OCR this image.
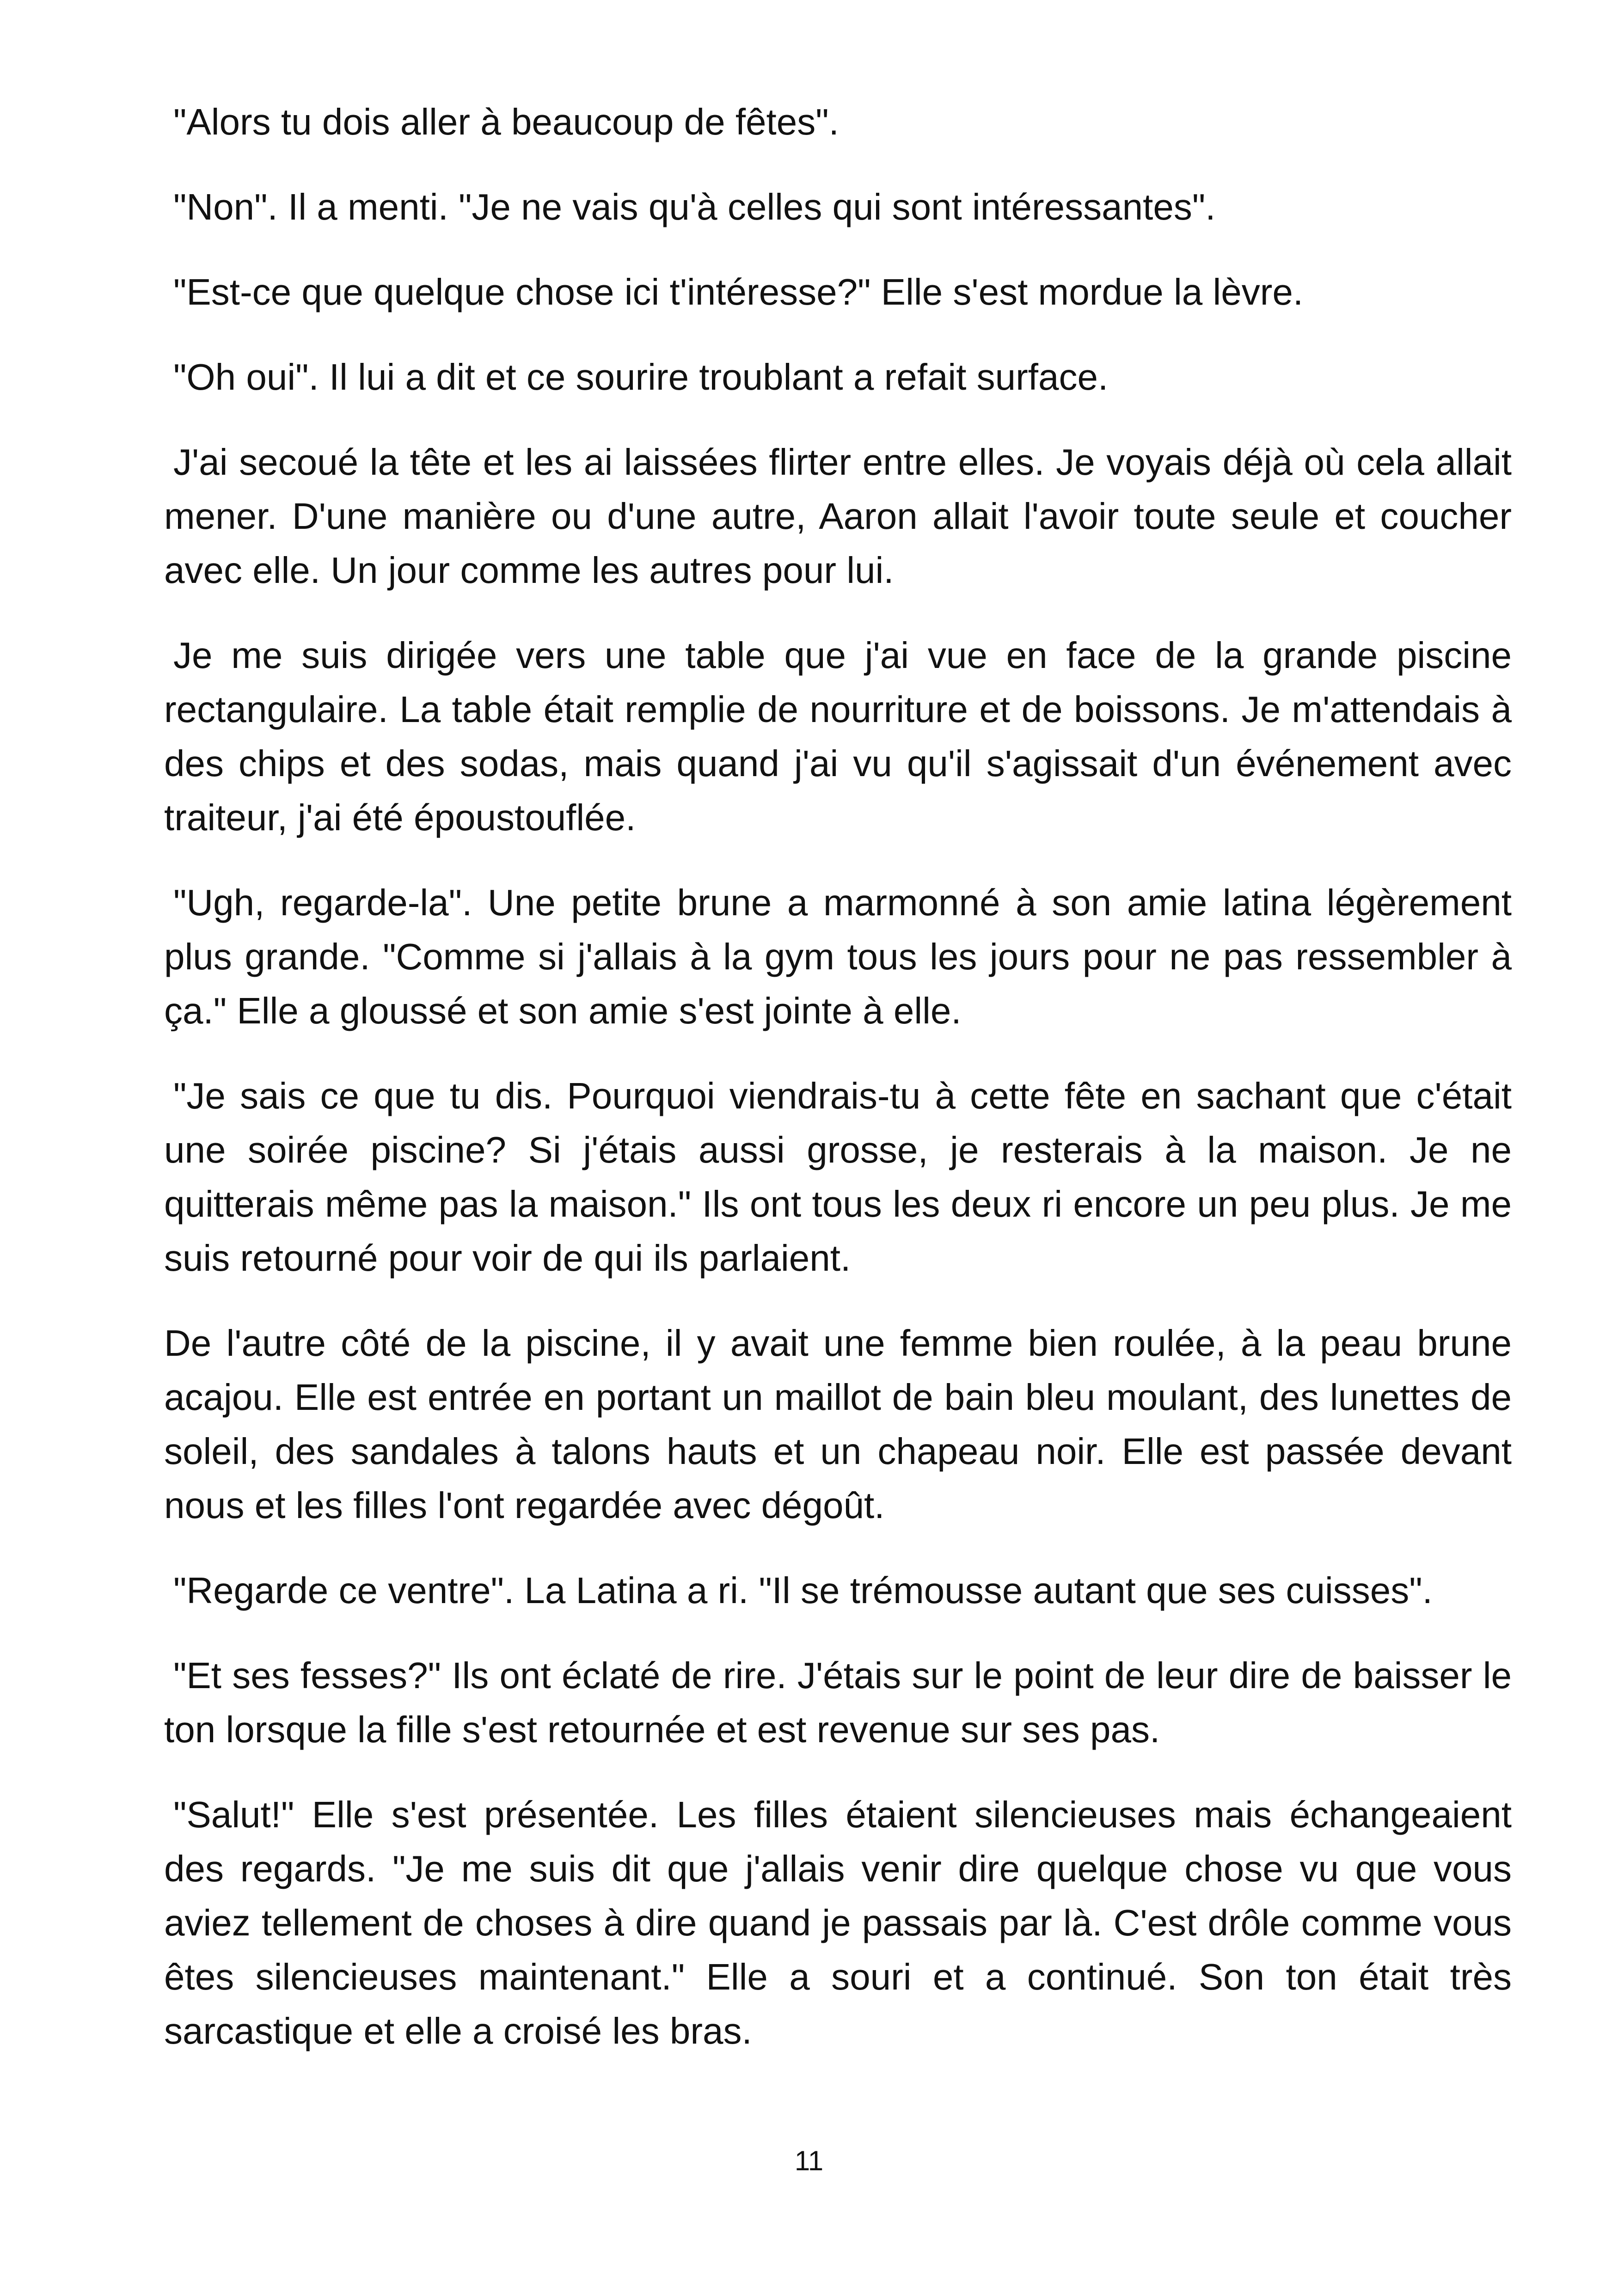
"Alors tu dois aller à beaucoup de fêtes".

"Non". Il a menti. "Je ne vais qu'à celles qui sont intéressantes".

"Est-ce que quelque chose ici t'intéresse?" Elle s'est mordue la lèvre.

"Oh oui". Il lui a dit et ce sourire troublant a refait surface.

J'ai secoué la tête et les ai laissées flirter entre elles. Je voyais déjà où cela allait mener. D'une manière ou d'une autre, Aaron allait l'avoir toute seule et coucher avec elle. Un jour comme les autres pour lui.

Je me suis dirigée vers une table que j'ai vue en face de la grande piscine rectangulaire. La table était remplie de nourriture et de boissons. Je m'attendais à des chips et des sodas, mais quand j'ai vu qu'il s'agissait d'un événement avec traiteur, j'ai été époustouflée.

"Ugh, regarde-la". Une petite brune a marmonné à son amie latina légèrement plus grande. "Comme si j'allais à la gym tous les jours pour ne pas ressembler à ça." Elle a gloussé et son amie s'est jointe à elle.

"Je sais ce que tu dis. Pourquoi viendrais-tu à cette fête en sachant que c'était une soirée piscine? Si j'étais aussi grosse, je resterais à la maison. Je ne quitterais même pas la maison." Ils ont tous les deux ri encore un peu plus. Je me suis retourné pour voir de qui ils parlaient.

De l'autre côté de la piscine, il y avait une femme bien roulée, à la peau brune acajou. Elle est entrée en portant un maillot de bain bleu moulant, des lunettes de soleil, des sandales à talons hauts et un chapeau noir. Elle est passée devant nous et les filles l'ont regardée avec dégoût.

"Regarde ce ventre". La Latina a ri. "Il se trémousse autant que ses cuisses".

"Et ses fesses?" Ils ont éclaté de rire. J'étais sur le point de leur dire de baisser le ton lorsque la fille s'est retournée et est revenue sur ses pas.

"Salut!" Elle s'est présentée. Les filles étaient silencieuses mais échangeaient des regards. "Je me suis dit que j'allais venir dire quelque chose vu que vous aviez tellement de choses à dire quand je passais par là. C'est drôle comme vous êtes silencieuses maintenant." Elle a souri et a continué. Son ton était très sarcastique et elle a croisé les bras.

11
